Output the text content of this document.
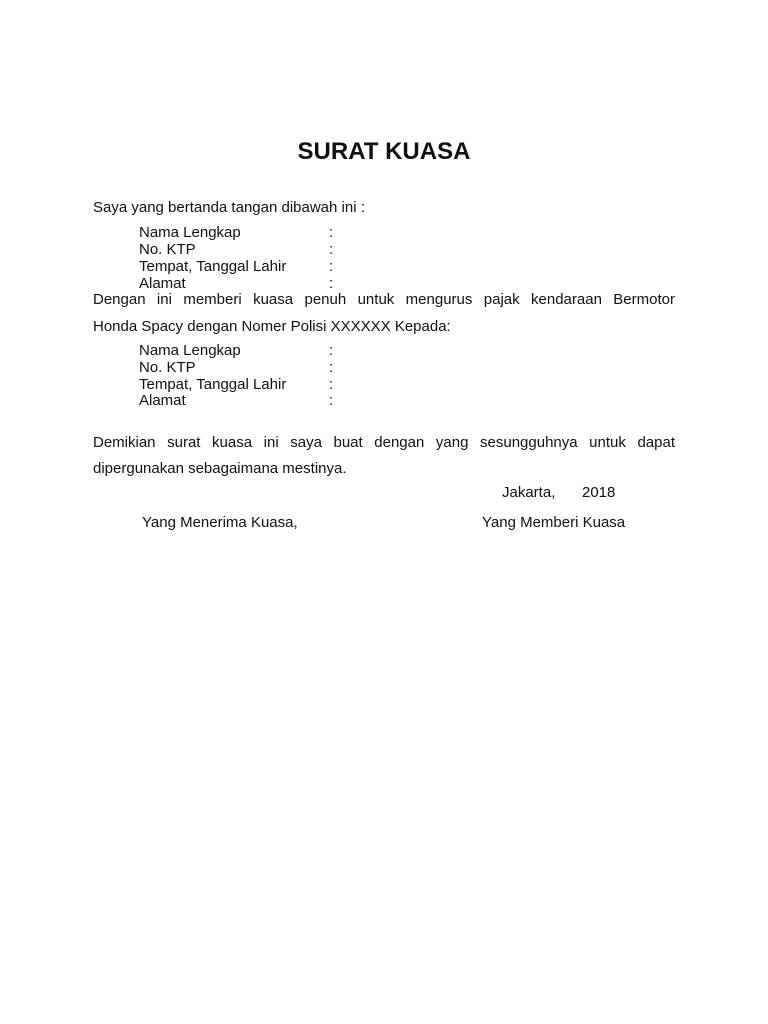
SURAT KUASA
Saya yang bertanda tangan dibawah ini :
Nama Lengkap	:
No. KTP	:
Tempat, Tanggal Lahir	:
Alamat	:
Dengan ini memberi kuasa penuh untuk mengurus pajak kendaraan Bermotor
Honda Spacy dengan Nomer Polisi XXXXXX Kepada:
Nama Lengkap	:
No. KTP	:
Tempat, Tanggal Lahir	:
Alamat	:
Demikian surat kuasa ini saya buat dengan yang sesungguhnya untuk dapat
dipergunakan sebagaimana mestinya.
Jakarta, 2018
Yang Menerima Kuasa,	Yang Memberi Kuasa
